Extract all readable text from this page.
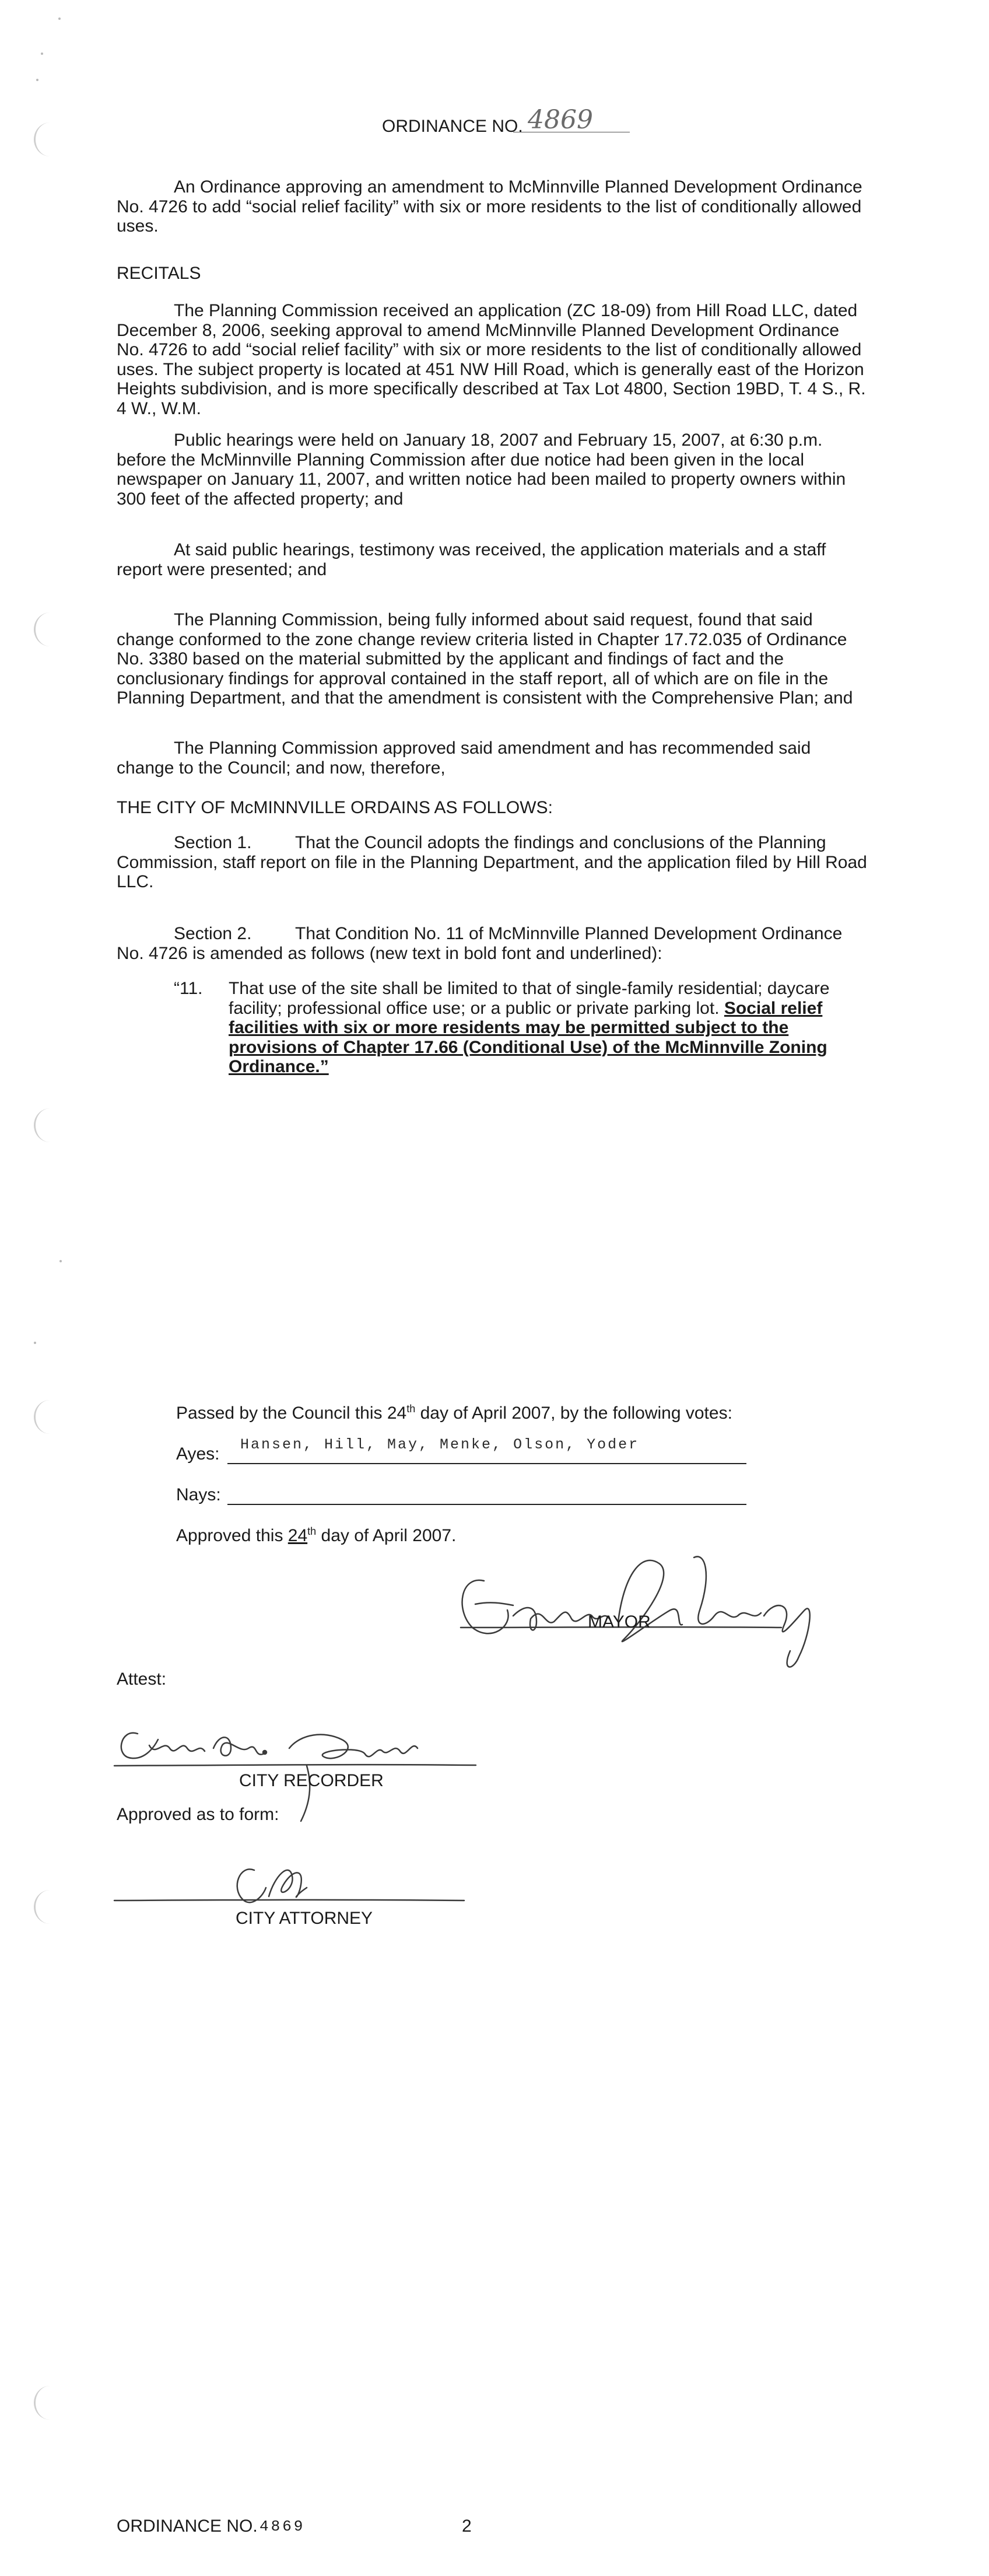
ORDINANCE NO. 4869

An Ordinance approving an amendment to McMinnville Planned Development Ordinance No. 4726 to add “social relief facility” with six or more residents to the list of conditionally allowed uses.

RECITALS

The Planning Commission received an application (ZC 18-09) from Hill Road LLC, dated December 8, 2006, seeking approval to amend McMinnville Planned Development Ordinance No. 4726 to add “social relief facility” with six or more residents to the list of conditionally allowed uses. The subject property is located at 451 NW Hill Road, which is generally east of the Horizon Heights subdivision, and is more specifically described at Tax Lot 4800, Section 19BD, T. 4 S., R. 4 W., W.M.

Public hearings were held on January 18, 2007 and February 15, 2007, at 6:30 p.m. before the McMinnville Planning Commission after due notice had been given in the local newspaper on January 11, 2007, and written notice had been mailed to property owners within 300 feet of the affected property; and

At said public hearings, testimony was received, the application materials and a staff report were presented; and

The Planning Commission, being fully informed about said request, found that said change conformed to the zone change review criteria listed in Chapter 17.72.035 of Ordinance No. 3380 based on the material submitted by the applicant and findings of fact and the conclusionary findings for approval contained in the staff report, all of which are on file in the Planning Department, and that the amendment is consistent with the Comprehensive Plan; and

The Planning Commission approved said amendment and has recommended said change to the Council; and now, therefore,

THE CITY OF McMINNVILLE ORDAINS AS FOLLOWS:

Section 1.	That the Council adopts the findings and conclusions of the Planning Commission, staff report on file in the Planning Department, and the application filed by Hill Road LLC.

Section 2.	That Condition No. 11 of McMinnville Planned Development Ordinance No. 4726 is amended as follows (new text in bold font and underlined):

“11. That use of the site shall be limited to that of single-family residential; daycare facility; professional office use; or a public or private parking lot. Social relief facilities with six or more residents may be permitted subject to the provisions of Chapter 17.66 (Conditional Use) of the McMinnville Zoning Ordinance.”

Passed by the Council this 24th day of April 2007, by the following votes:

Ayes: Hansen, Hill, May, Menke, Olson, Yoder

Nays:

Approved this 24th day of April 2007.

MAYOR

Attest:

CITY RECORDER

Approved as to form:

CITY ATTORNEY

ORDINANCE NO. 4869	2
